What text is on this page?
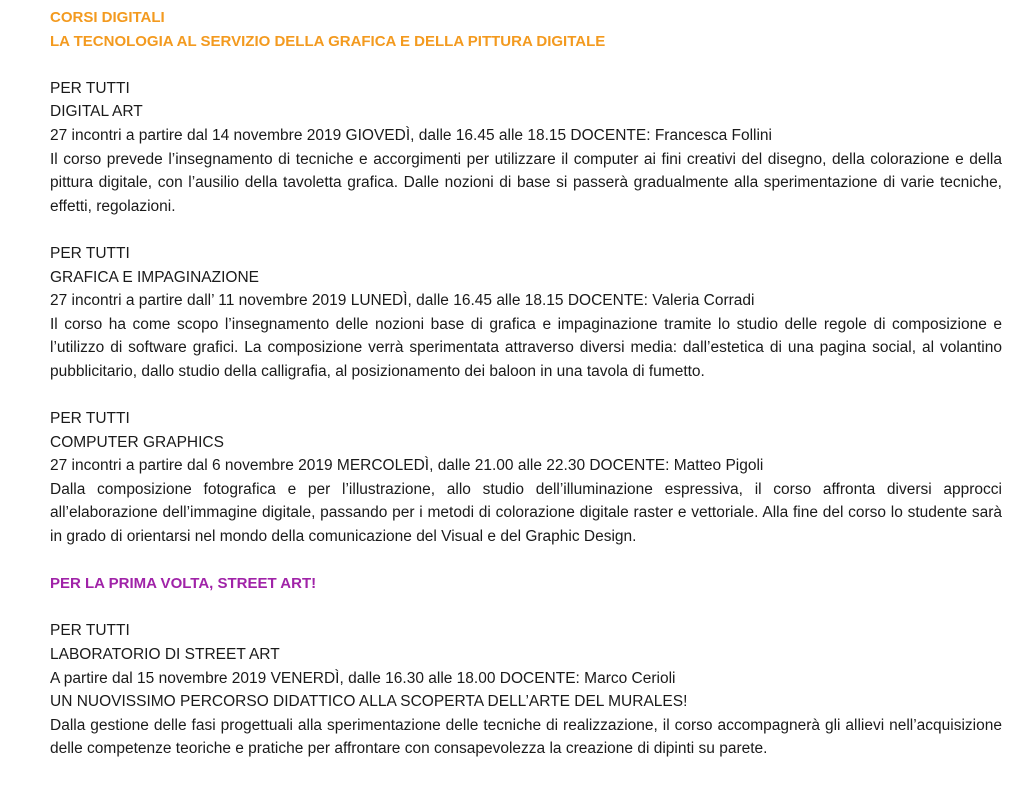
CORSI DIGITALI

LA TECNOLOGIA AL SERVIZIO DELLA GRAFICA E DELLA PITTURA DIGITALE

PER TUTTI

DIGITAL ART

27 incontri a partire dal 14 novembre 2019 GIOVEDÌ, dalle 16.45 alle 18.15 DOCENTE: Francesca Follini

Il corso prevede l’insegnamento di tecniche e accorgimenti per utilizzare il computer ai fini creativi del disegno, della colorazione e della pittura digitale, con l’ausilio della tavoletta grafica. Dalle nozioni di base si passerà gradualmente alla sperimentazione di varie tecniche, effetti, regolazioni.

PER TUTTI

GRAFICA E IMPAGINAZIONE

27 incontri a partire dall’ 11 novembre 2019 LUNEDÌ, dalle 16.45 alle 18.15 DOCENTE: Valeria Corradi

Il corso ha come scopo l’insegnamento delle nozioni base di grafica e impaginazione tramite lo studio delle regole di composizione e l’utilizzo di software grafici. La composizione verrà sperimentata attraverso diversi media: dall’estetica di una pagina social, al volantino pubblicitario, dallo studio della calligrafia, al posizionamento dei baloon in una tavola di fumetto.

PER TUTTI

COMPUTER GRAPHICS

27 incontri a partire dal 6 novembre 2019 MERCOLEDÌ, dalle 21.00 alle 22.30 DOCENTE: Matteo Pigoli

Dalla composizione fotografica e per l’illustrazione, allo studio dell’illuminazione espressiva, il corso affronta diversi approcci all’elaborazione dell’immagine digitale, passando per i metodi di colorazione digitale raster e vettoriale. Alla fine del corso lo studente sarà in grado di orientarsi nel mondo della comunicazione del Visual e del Graphic Design.

PER LA PRIMA VOLTA, STREET ART!

PER TUTTI

LABORATORIO DI STREET ART

A partire dal 15 novembre 2019 VENERDÌ, dalle 16.30 alle 18.00 DOCENTE: Marco Cerioli

UN NUOVISSIMO PERCORSO DIDATTICO ALLA SCOPERTA DELL’ARTE DEL MURALES!

Dalla gestione delle fasi progettuali alla sperimentazione delle tecniche di realizzazione, il corso accompagnerà gli allievi nell’acquisizione delle competenze teoriche e pratiche per affrontare con consapevolezza la creazione di dipinti su parete.
